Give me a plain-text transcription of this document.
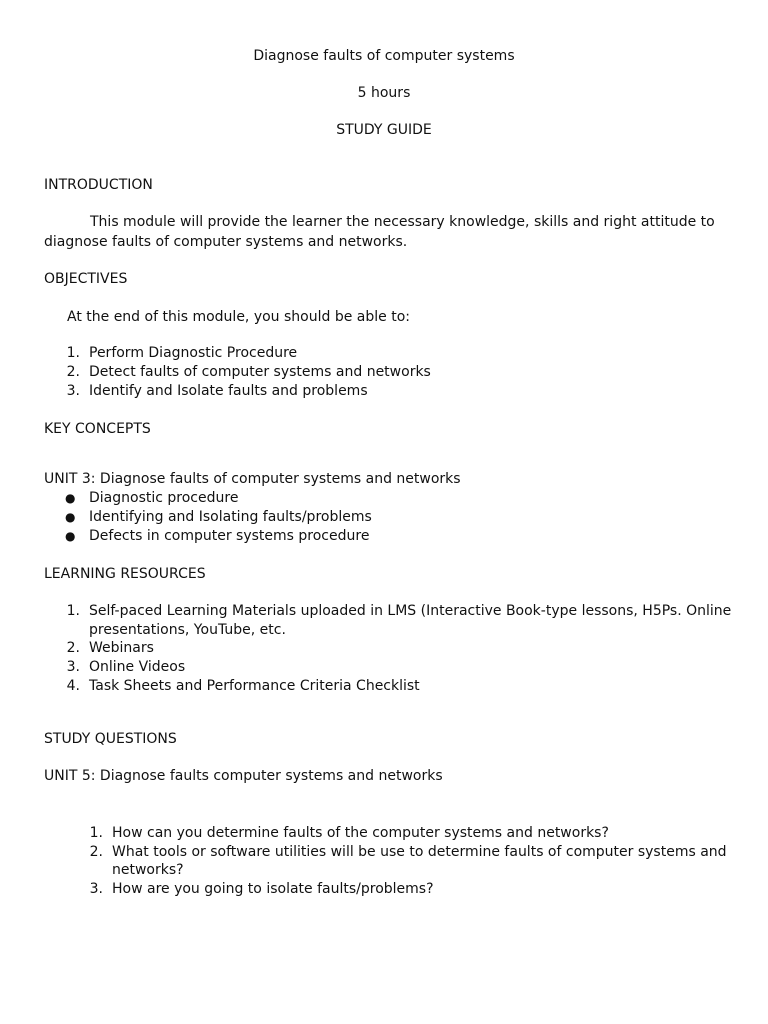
Diagnose faults of computer systems
5 hours
STUDY GUIDE
INTRODUCTION
This module will provide the learner the necessary knowledge, skills and right attitude to
diagnose faults of computer systems and networks.
OBJECTIVES
At the end of this module, you should be able to:
1. Perform Diagnostic Procedure
2. Detect faults of computer systems and networks
3. Identify and Isolate faults and problems
KEY CONCEPTS
UNIT 3: Diagnose faults of computer systems and networks
● Diagnostic procedure
● Identifying and Isolating faults/problems
● Defects in computer systems procedure
LEARNING RESOURCES
1. Self-paced Learning Materials uploaded in LMS (Interactive Book-type lessons, H5Ps. Online
presentations, YouTube, etc.
2. Webinars
3. Online Videos
4. Task Sheets and Performance Criteria Checklist
STUDY QUESTIONS
UNIT 5: Diagnose faults computer systems and networks
1. How can you determine faults of the computer systems and networks?
2. What tools or software utilities will be use to determine faults of computer systems and
networks?
3. How are you going to isolate faults/problems?
